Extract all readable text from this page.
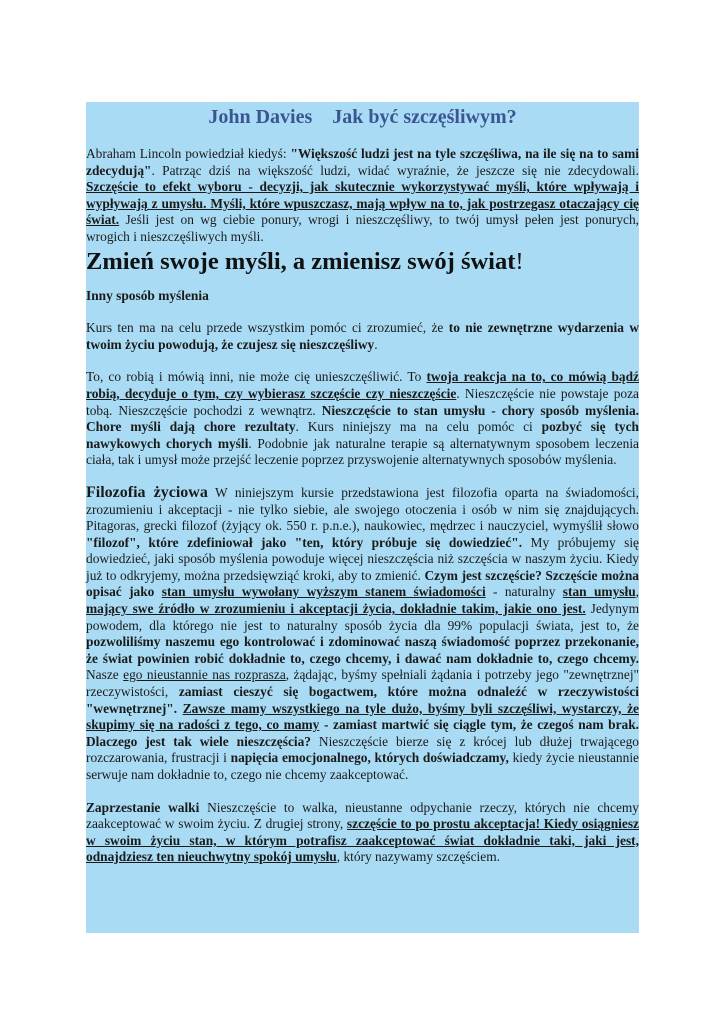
John Davies Jak być szczęśliwym?

Abraham Lincoln powiedział kiedyś: "Większość ludzi jest na tyle szczęśliwa, na ile się na to sami zdecydują". Patrząc dziś na większość ludzi, widać wyraźnie, że jeszcze się nie zdecydowali. Szczęście to efekt wyboru - decyzji, jak skutecznie wykorzystywać myśli, które wpływają i wypływają z umysłu. Myśli, które wpuszczasz, mają wpływ na to, jak postrzegasz otaczający cię świat. Jeśli jest on wg ciebie ponury, wrogi i nieszczęśliwy, to twój umysł pełen jest ponurych, wrogich i nieszczęśliwych myśli.

Zmień swoje myśli, a zmienisz swój świat!

Inny sposób myślenia

Kurs ten ma na celu przede wszystkim pomóc ci zrozumieć, że to nie zewnętrzne wydarzenia w twoim życiu powodują, że czujesz się nieszczęśliwy.

To, co robią i mówią inni, nie może cię unieszczęśliwić. To twoja reakcja na to, co mówią bądź robią, decyduje o tym, czy wybierasz szczęście czy nieszczęście. Nieszczęście nie powstaje poza tobą. Nieszczęście pochodzi z wewnątrz. Nieszczęście to stan umysłu - chory sposób myślenia. Chore myśli dają chore rezultaty. Kurs niniejszy ma na celu pomóc ci pozbyć się tych nawykowych chorych myśli. Podobnie jak naturalne terapie są alternatywnym sposobem leczenia ciała, tak i umysł może przejść leczenie poprzez przyswojenie alternatywnych sposobów myślenia.

Filozofia życiowa W niniejszym kursie przedstawiona jest filozofia oparta na świadomości, zrozumieniu i akceptacji - nie tylko siebie, ale swojego otoczenia i osób w nim się znajdujących. Pitagoras, grecki filozof (żyjący ok. 550 r. p.n.e.), naukowiec, mędrzec i nauczyciel, wymyślił słowo "filozof", które zdefiniował jako "ten, który próbuje się dowiedzieć". My próbujemy się dowiedzieć, jaki sposób myślenia powoduje więcej nieszczęścia niż szczęścia w naszym życiu. Kiedy już to odkryjemy, można przedsięwziąć kroki, aby to zmienić. Czym jest szczęście? Szczęście można opisać jako stan umysłu wywołany wyższym stanem świadomości - naturalny stan umysłu, mający swe źródło w zrozumieniu i akceptacji życia, dokładnie takim, jakie ono jest. Jedynym powodem, dla którego nie jest to naturalny sposób życia dla 99% populacji świata, jest to, że pozwoliliśmy naszemu ego kontrolować i zdominować naszą świadomość poprzez przekonanie, że świat powinien robić dokładnie to, czego chcemy, i dawać nam dokładnie to, czego chcemy. Nasze ego nieustannie nas rozprasza, żądając, byśmy spełniali żądania i potrzeby jego "zewnętrznej" rzeczywistości, zamiast cieszyć się bogactwem, które można odnaleźć w rzeczywistości "wewnętrznej". Zawsze mamy wszystkiego na tyle dużo, byśmy byli szczęśliwi, wystarczy, że skupimy się na radości z tego, co mamy - zamiast martwić się ciągle tym, że czegoś nam brak. Dlaczego jest tak wiele nieszczęścia? Nieszczęście bierze się z krócej lub dłużej trwającego rozczarowania, frustracji i napięcia emocjonalnego, których doświadczamy, kiedy życie nieustannie serwuje nam dokładnie to, czego nie chcemy zaakceptować.

Zaprzestanie walki Nieszczęście to walka, nieustanne odpychanie rzeczy, których nie chcemy zaakceptować w swoim życiu. Z drugiej strony, szczęście to po prostu akceptacja! Kiedy osiągniesz w swoim życiu stan, w którym potrafisz zaakceptować świat dokładnie taki, jaki jest, odnajdziesz ten nieuchwytny spokój umysłu, który nazywamy szczęściem.
